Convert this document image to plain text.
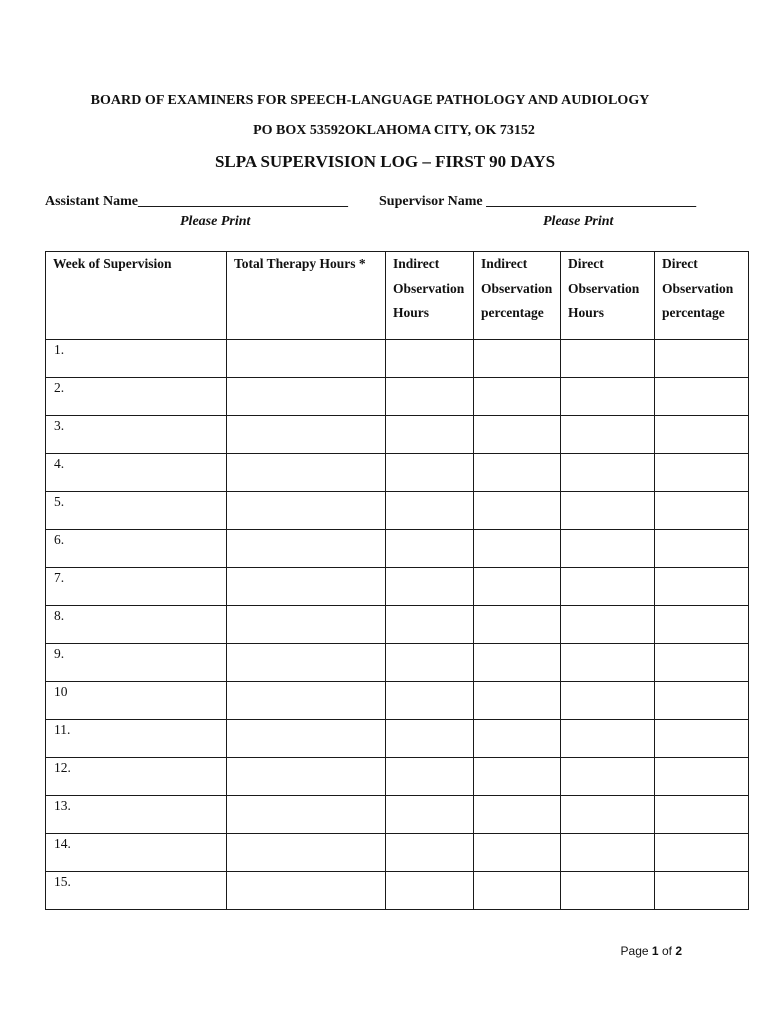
BOARD OF EXAMINERS FOR SPEECH-LANGUAGE PATHOLOGY AND AUDIOLOGY
PO BOX 53592OKLAHOMA CITY, OK 73152
SLPA SUPERVISION LOG – FIRST 90 DAYS
Assistant Name______________________________ Supervisor Name ______________________________
Please Print	Please Print
Week of Supervision	Total Therapy Hours *	Indirect Observation Hours	Indirect Observation percentage	Direct Observation Hours	Direct Observation percentage

1.					

2.					

3.					

4.					

5.					

6.					

7.					

8.					

9.					

10					

11.					

12.					

13.					

14.					

15.					

Page 1 of 2
